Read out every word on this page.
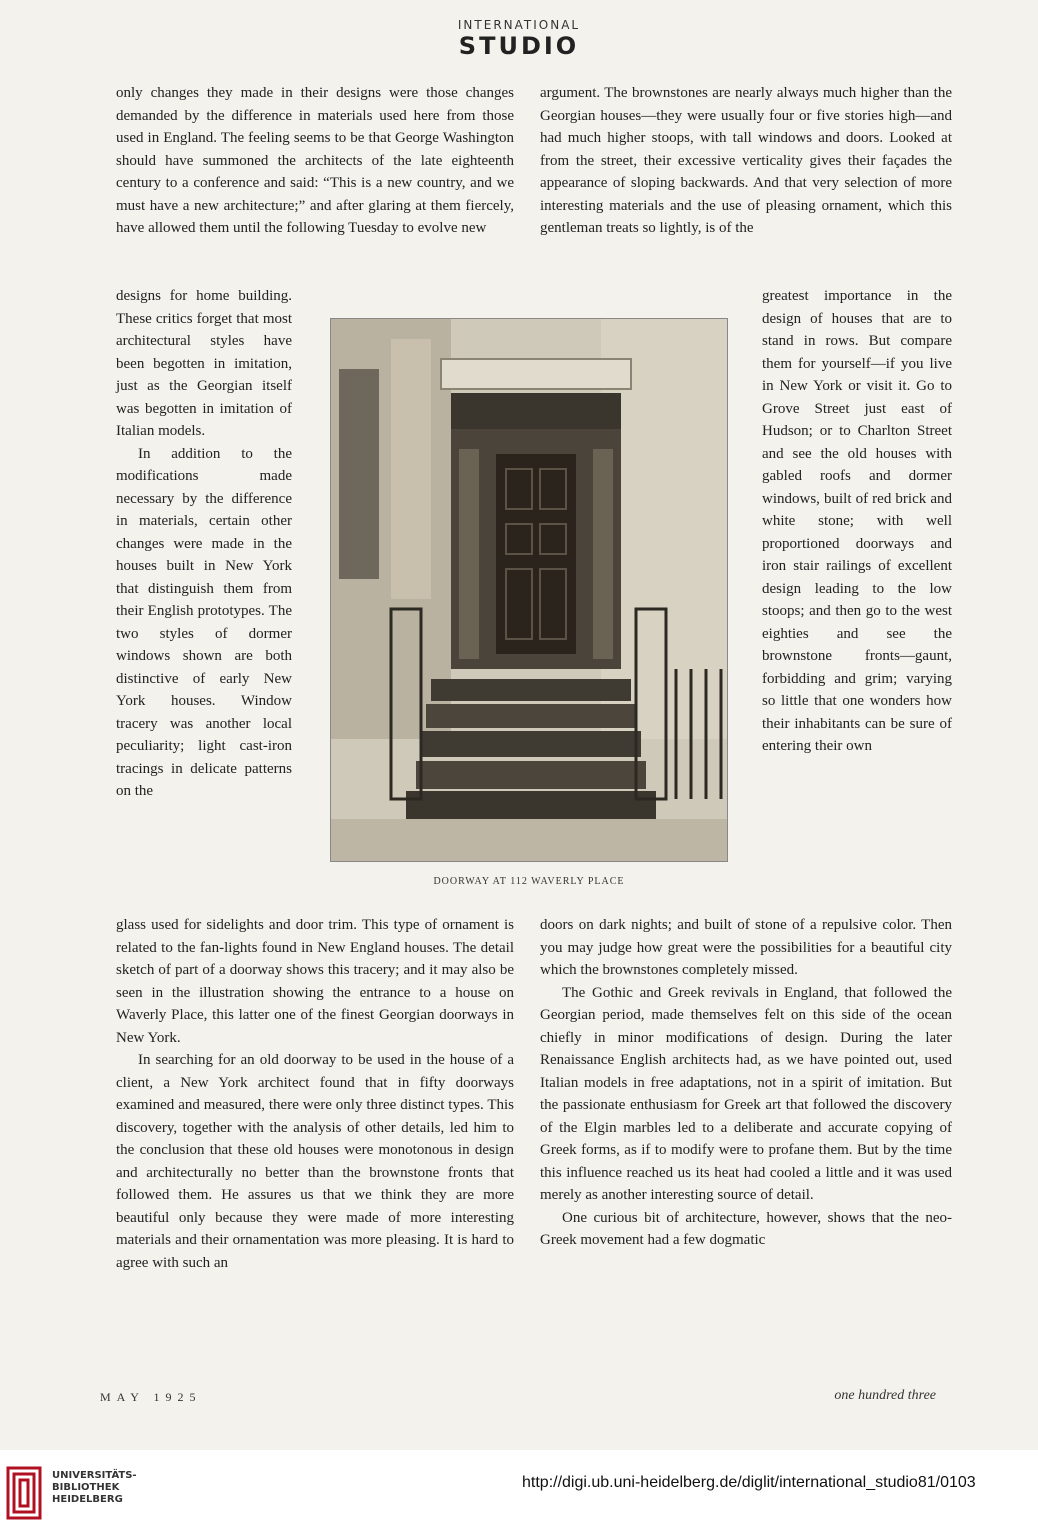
INTERNATIONAL
STUDIO

only changes they made in their designs were those changes demanded by the difference in materials used here from those used in England. The feeling seems to be that George Washington should have summoned the architects of the late eighteenth century to a conference and said: “This is a new country, and we must have a new architecture;” and after glaring at them fiercely, have allowed them until the following Tuesday to evolve new

designs for home building. These critics forget that most architectural styles have been begotten in imitation, just as the Georgian itself was begotten in imitation of Italian models.

In addition to the modifications made necessary by the difference in materials, certain other changes were made in the houses built in New York that distinguish them from their English prototypes. The two styles of dormer windows shown are both distinctive of early New York houses. Window tracery was another local peculiarity; light cast-iron tracings in delicate patterns on the

glass used for sidelights and door trim. This type of ornament is related to the fan-lights found in New England houses. The detail sketch of part of a doorway shows this tracery; and it may also be seen in the illustration showing the entrance to a house on Waverly Place, this latter one of the finest Georgian doorways in New York.

In searching for an old doorway to be used in the house of a client, a New York architect found that in fifty doorways examined and measured, there were only three distinct types. This discovery, together with the analysis of other details, led him to the conclusion that these old houses were monotonous in design and architecturally no better than the brownstone fronts that followed them. He assures us that we think they are more beautiful only because they were made of more interesting materials and their ornamentation was more pleasing. It is hard to agree with such an

argument. The brownstones are nearly always much higher than the Georgian houses—they were usually four or five stories high—and had much higher stoops, with tall windows and doors. Looked at from the street, their excessive verticality gives their façades the appearance of sloping backwards. And that very selection of more interesting materials and the use of pleasing ornament, which this gentleman treats so lightly, is of the

greatest importance in the design of houses that are to stand in rows. But compare them for yourself—if you live in New York or visit it. Go to Grove Street just east of Hudson; or to Charlton Street and see the old houses with gabled roofs and dormer windows, built of red brick and white stone; with well proportioned doorways and iron stair railings of excellent design leading to the low stoops; and then go to the west eighties and see the brownstone fronts—gaunt, forbidding and grim; varying so little that one wonders how their inhabitants can be sure of entering their own

doors on dark nights; and built of stone of a repulsive color. Then you may judge how great were the possibilities for a beautiful city which the brownstones completely missed.

The Gothic and Greek revivals in England, that followed the Georgian period, made themselves felt on this side of the ocean chiefly in minor modifications of design. During the later Renaissance English architects had, as we have pointed out, used Italian models in free adaptations, not in a spirit of imitation. But the passionate enthusiasm for Greek art that followed the discovery of the Elgin marbles led to a deliberate and accurate copying of Greek forms, as if to modify were to profane them. But by the time this influence reached us its heat had cooled a little and it was used merely as another interesting source of detail.

One curious bit of architecture, however, shows that the neo-Greek movement had a few dogmatic

DOORWAY AT 112 WAVERLY PLACE
MAY 1925	one hundred three
UNIVERSITÄTS-
BIBLIOTHEK
HEIDELBERG
http://digi.ub.uni-heidelberg.de/diglit/international_studio81/0103
